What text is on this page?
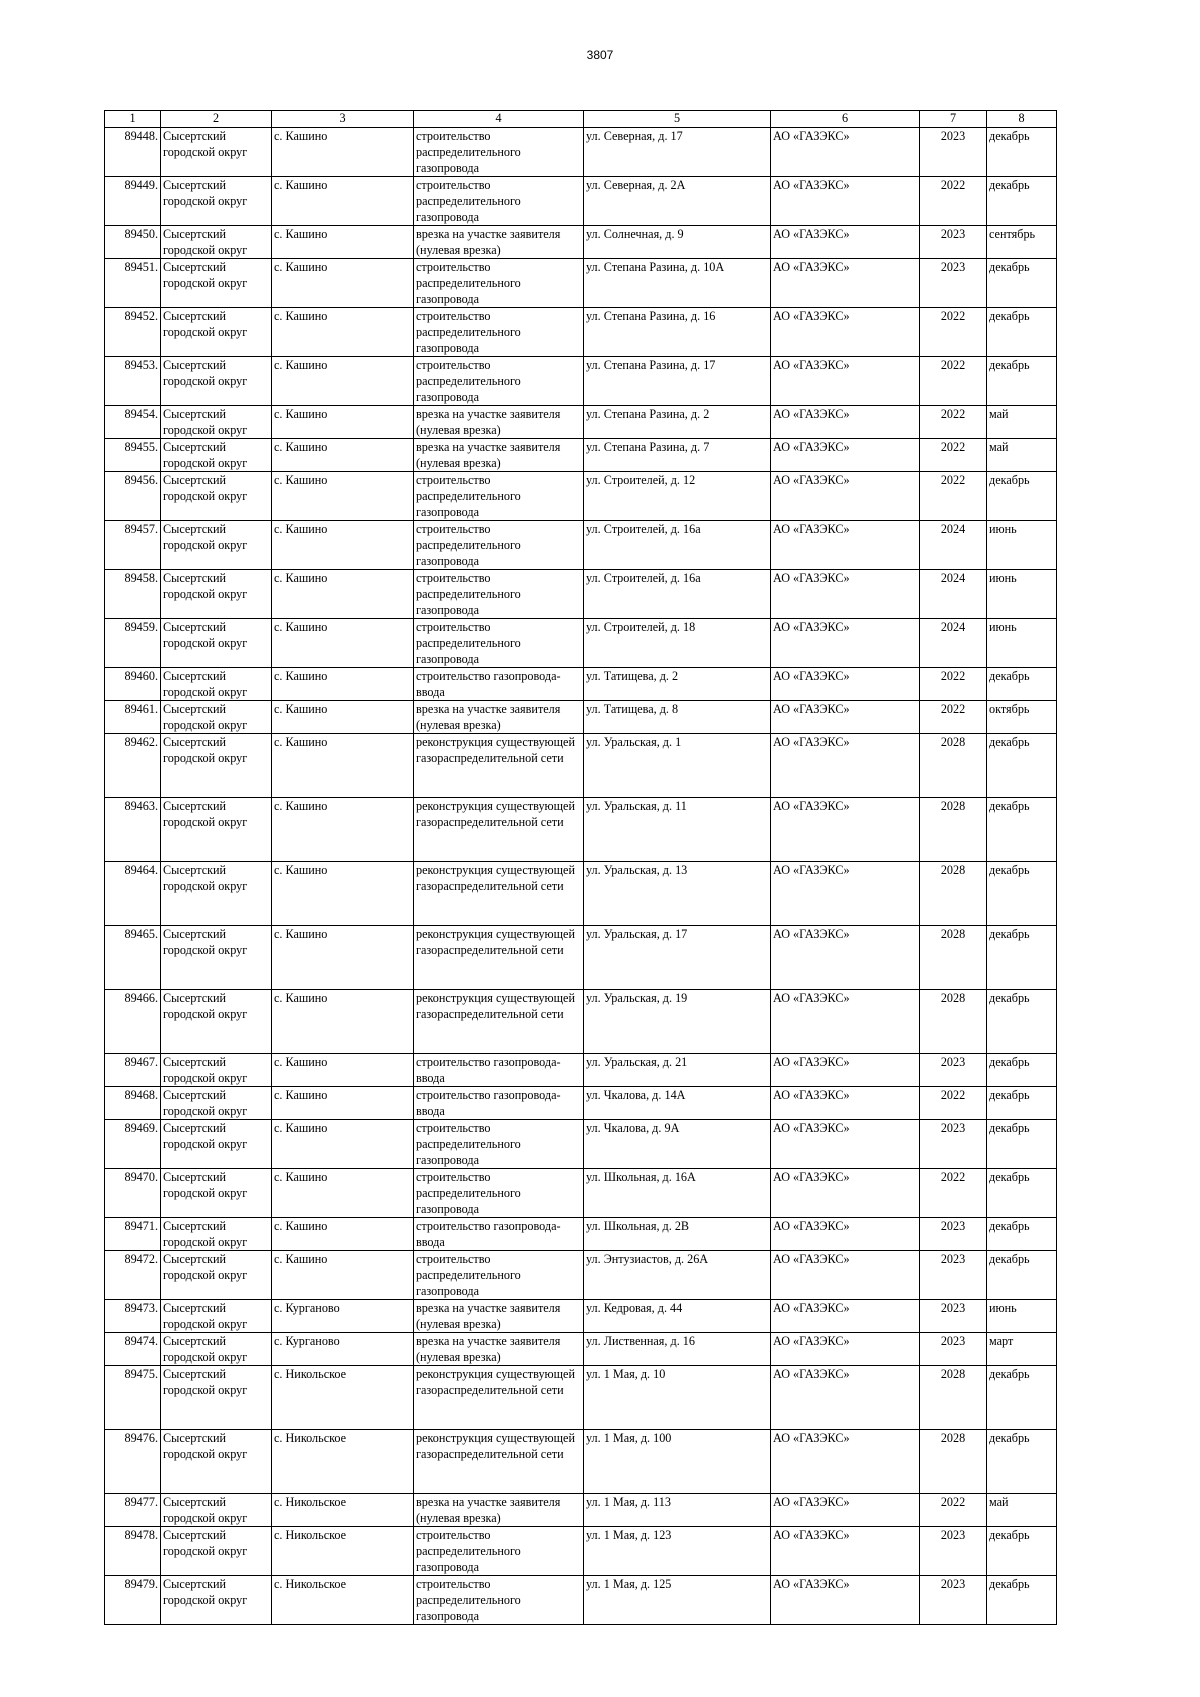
3807
1	2	3	4	5	6	7	8
89448.	Сысертский городской округ	с. Кашино	строительство распределительного газопровода	ул. Северная, д. 17	АО «ГАЗЭКС»	2023	декабрь
89449.	Сысертский городской округ	с. Кашино	строительство распределительного газопровода	ул. Северная, д. 2А	АО «ГАЗЭКС»	2022	декабрь
89450.	Сысертский городской округ	с. Кашино	врезка на участке заявителя (нулевая врезка)	ул. Солнечная, д. 9	АО «ГАЗЭКС»	2023	сентябрь
89451.	Сысертский городской округ	с. Кашино	строительство распределительного газопровода	ул. Степана Разина, д. 10А	АО «ГАЗЭКС»	2023	декабрь
89452.	Сысертский городской округ	с. Кашино	строительство распределительного газопровода	ул. Степана Разина, д. 16	АО «ГАЗЭКС»	2022	декабрь
89453.	Сысертский городской округ	с. Кашино	строительство распределительного газопровода	ул. Степана Разина, д. 17	АО «ГАЗЭКС»	2022	декабрь
89454.	Сысертский городской округ	с. Кашино	врезка на участке заявителя (нулевая врезка)	ул. Степана Разина, д. 2	АО «ГАЗЭКС»	2022	май
89455.	Сысертский городской округ	с. Кашино	врезка на участке заявителя (нулевая врезка)	ул. Степана Разина, д. 7	АО «ГАЗЭКС»	2022	май
89456.	Сысертский городской округ	с. Кашино	строительство распределительного газопровода	ул. Строителей, д. 12	АО «ГАЗЭКС»	2022	декабрь
89457.	Сысертский городской округ	с. Кашино	строительство распределительного газопровода	ул. Строителей, д. 16а	АО «ГАЗЭКС»	2024	июнь
89458.	Сысертский городской округ	с. Кашино	строительство распределительного газопровода	ул. Строителей, д. 16а	АО «ГАЗЭКС»	2024	июнь
89459.	Сысертский городской округ	с. Кашино	строительство распределительного газопровода	ул. Строителей, д. 18	АО «ГАЗЭКС»	2024	июнь
89460.	Сысертский городской округ	с. Кашино	строительство газопровода-ввода	ул. Татищева, д. 2	АО «ГАЗЭКС»	2022	декабрь
89461.	Сысертский городской округ	с. Кашино	врезка на участке заявителя (нулевая врезка)	ул. Татищева, д. 8	АО «ГАЗЭКС»	2022	октябрь
89462.	Сысертский городской округ	с. Кашино	реконструкция существующей газораспределительной сети	ул. Уральская, д. 1	АО «ГАЗЭКС»	2028	декабрь
89463.	Сысертский городской округ	с. Кашино	реконструкция существующей газораспределительной сети	ул. Уральская, д. 11	АО «ГАЗЭКС»	2028	декабрь
89464.	Сысертский городской округ	с. Кашино	реконструкция существующей газораспределительной сети	ул. Уральская, д. 13	АО «ГАЗЭКС»	2028	декабрь
89465.	Сысертский городской округ	с. Кашино	реконструкция существующей газораспределительной сети	ул. Уральская, д. 17	АО «ГАЗЭКС»	2028	декабрь
89466.	Сысертский городской округ	с. Кашино	реконструкция существующей газораспределительной сети	ул. Уральская, д. 19	АО «ГАЗЭКС»	2028	декабрь
89467.	Сысертский городской округ	с. Кашино	строительство газопровода-ввода	ул. Уральская, д. 21	АО «ГАЗЭКС»	2023	декабрь
89468.	Сысертский городской округ	с. Кашино	строительство газопровода-ввода	ул. Чкалова, д. 14А	АО «ГАЗЭКС»	2022	декабрь
89469.	Сысертский городской округ	с. Кашино	строительство распределительного газопровода	ул. Чкалова, д. 9А	АО «ГАЗЭКС»	2023	декабрь
89470.	Сысертский городской округ	с. Кашино	строительство распределительного газопровода	ул. Школьная, д. 16А	АО «ГАЗЭКС»	2022	декабрь
89471.	Сысертский городской округ	с. Кашино	строительство газопровода-ввода	ул. Школьная, д. 2В	АО «ГАЗЭКС»	2023	декабрь
89472.	Сысертский городской округ	с. Кашино	строительство распределительного газопровода	ул. Энтузиастов, д. 26А	АО «ГАЗЭКС»	2023	декабрь
89473.	Сысертский городской округ	с. Курганово	врезка на участке заявителя (нулевая врезка)	ул. Кедровая, д. 44	АО «ГАЗЭКС»	2023	июнь
89474.	Сысертский городской округ	с. Курганово	врезка на участке заявителя (нулевая врезка)	ул. Лиственная, д. 16	АО «ГАЗЭКС»	2023	март
89475.	Сысертский городской округ	с. Никольское	реконструкция существующей газораспределительной сети	ул. 1 Мая, д. 10	АО «ГАЗЭКС»	2028	декабрь
89476.	Сысертский городской округ	с. Никольское	реконструкция существующей газораспределительной сети	ул. 1 Мая, д. 100	АО «ГАЗЭКС»	2028	декабрь
89477.	Сысертский городской округ	с. Никольское	врезка на участке заявителя (нулевая врезка)	ул. 1 Мая, д. 113	АО «ГАЗЭКС»	2022	май
89478.	Сысертский городской округ	с. Никольское	строительство распределительного газопровода	ул. 1 Мая, д. 123	АО «ГАЗЭКС»	2023	декабрь
89479.	Сысертский городской округ	с. Никольское	строительство распределительного газопровода	ул. 1 Мая, д. 125	АО «ГАЗЭКС»	2023	декабрь
